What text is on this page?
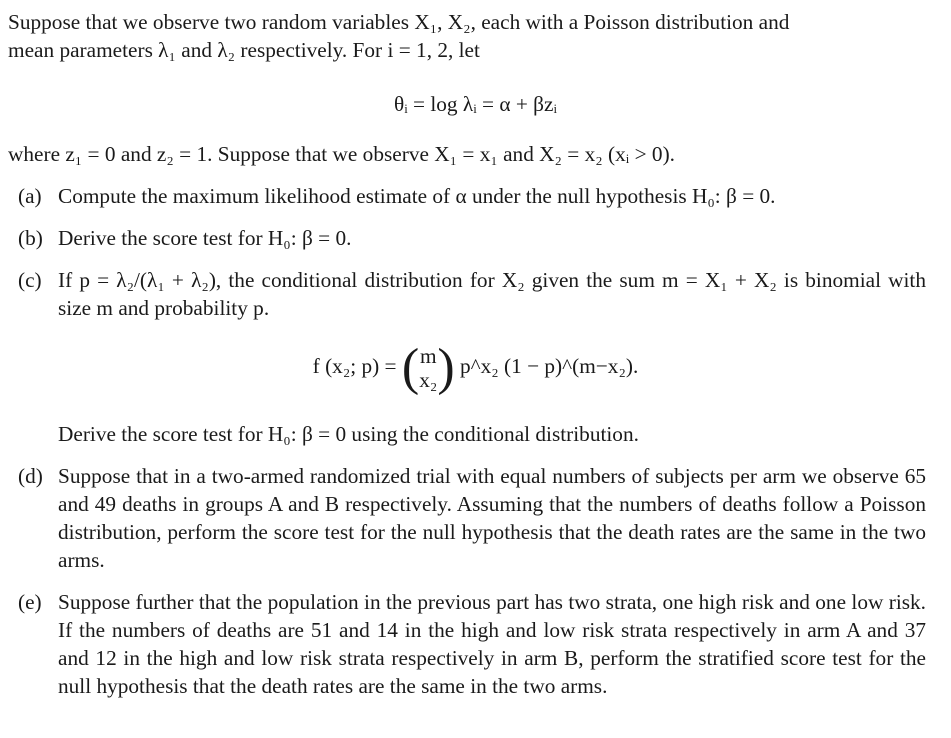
Suppose that we observe two random variables X₁, X₂, each with a Poisson distribution and
mean parameters λ₁ and λ₂ respectively. For i = 1, 2, let
θᵢ = log λᵢ = α + βzᵢ
where z₁ = 0 and z₂ = 1. Suppose that we observe X₁ = x₁ and X₂ = x₂ (xᵢ > 0).
(a) Compute the maximum likelihood estimate of α under the null hypothesis H₀: β = 0.
(b) Derive the score test for H₀: β = 0.
(c) If p = λ₂/(λ₁ + λ₂), the conditional distribution for X₂ given the sum m = X₁ + X₂ is binomial with size m and probability p.
f (x₂; p) = (m
x₂) p^x₂ (1 − p)^(m−x₂).
Derive the score test for H₀: β = 0 using the conditional distribution.
(d) Suppose that in a two-armed randomized trial with equal numbers of subjects per arm we observe 65 and 49 deaths in groups A and B respectively. Assuming that the numbers of deaths follow a Poisson distribution, perform the score test for the null hypothesis that the death rates are the same in the two arms.
(e) Suppose further that the population in the previous part has two strata, one high risk and one low risk. If the numbers of deaths are 51 and 14 in the high and low risk strata respectively in arm A and 37 and 12 in the high and low risk strata respectively in arm B, perform the stratified score test for the null hypothesis that the death rates are the same in the two arms.
